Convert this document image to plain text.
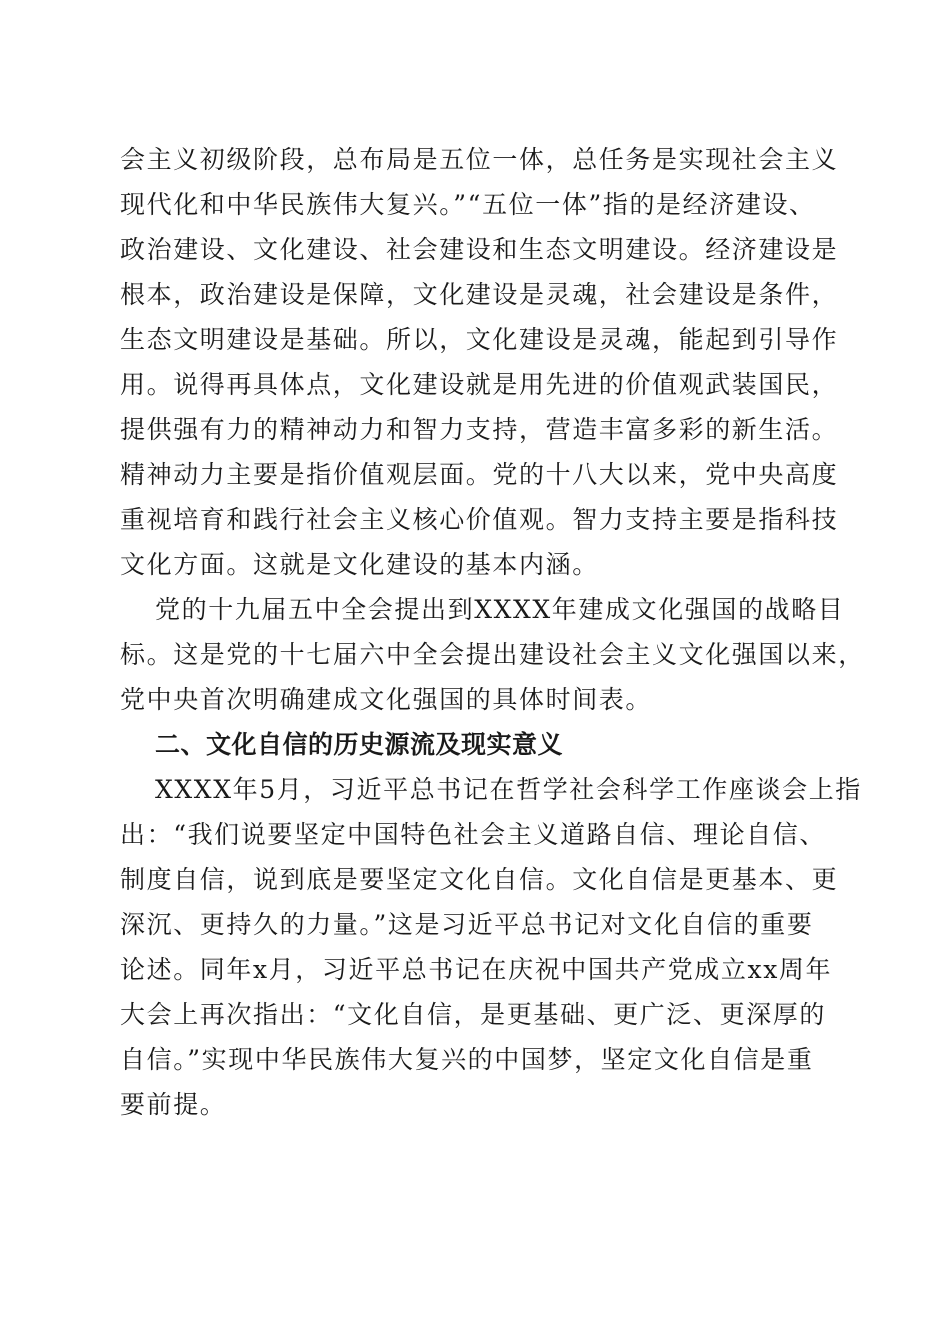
会主义初级阶段，总布局是五位一体，总任务是实现社会主义
现代化和中华民族伟大复兴。”“五位一体”指的是经济建设、
政治建设、文化建设、社会建设和生态文明建设。经济建设是
根本，政治建设是保障，文化建设是灵魂，社会建设是条件，
生态文明建设是基础。所以，文化建设是灵魂，能起到引导作
用。说得再具体点，文化建设就是用先进的价值观武装国民，
提供强有力的精神动力和智力支持，营造丰富多彩的新生活。
精神动力主要是指价值观层面。党的十八大以来，党中央高度
重视培育和践行社会主义核心价值观。智力支持主要是指科技
文化方面。这就是文化建设的基本内涵。
党的十九届五中全会提出到XXXX年建成文化强国的战略目
标。这是党的十七届六中全会提出建设社会主义文化强国以来，
党中央首次明确建成文化强国的具体时间表。
二、文化自信的历史源流及现实意义
XXXX年5月，习近平总书记在哲学社会科学工作座谈会上指
出：“我们说要坚定中国特色社会主义道路自信、理论自信、
制度自信，说到底是要坚定文化自信。文化自信是更基本、更
深沉、更持久的力量。”这是习近平总书记对文化自信的重要
论述。同年x月，习近平总书记在庆祝中国共产党成立xx周年
大会上再次指出：“文化自信，是更基础、更广泛、更深厚的
自信。”实现中华民族伟大复兴的中国梦，坚定文化自信是重
要前提。
